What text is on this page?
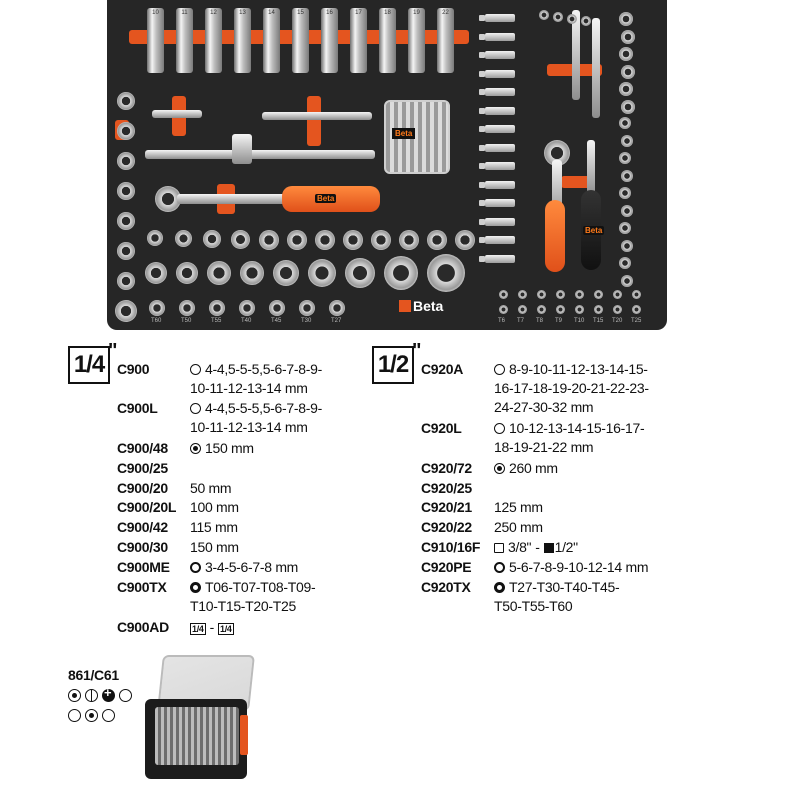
10	11	12	13	14	15	16	17	18	19	22
Beta
Beta
Beta
T60	T50	T55	T40	T45	T30	T27	T6 T7 T8 T9 T10 T15 T20 T25
Beta
1/4 "
C900	4-4,5-5-5,5-6-7-8-9-
10-11-12-13-14 mm
C900L	4-4,5-5-5,5-6-7-8-9-
10-11-12-13-14 mm
C900/48	150 mm
C900/25
C900/20 50 mm
C900/20L 100 mm
C900/42 115 mm
C900/30 150 mm
C900ME	3-4-5-6-7-8 mm
C900TX	T06-T07-T08-T09-
T10-T15-T20-T25
C900AD	1/4 - 1/4
1/2 "
C920A	8-9-10-11-12-13-14-15-
16-17-18-19-20-21-22-23-
24-27-30-32 mm
C920L	10-12-13-14-15-16-17-
18-19-21-22 mm
C920/72	260 mm
C920/25
C920/21 125 mm
C920/22 250 mm
C910/16F	3/8" - 1/2"
C920PE	5-6-7-8-9-10-12-14 mm
C920TX	T27-T30-T40-T45-
T50-T55-T60
861/C61
+
